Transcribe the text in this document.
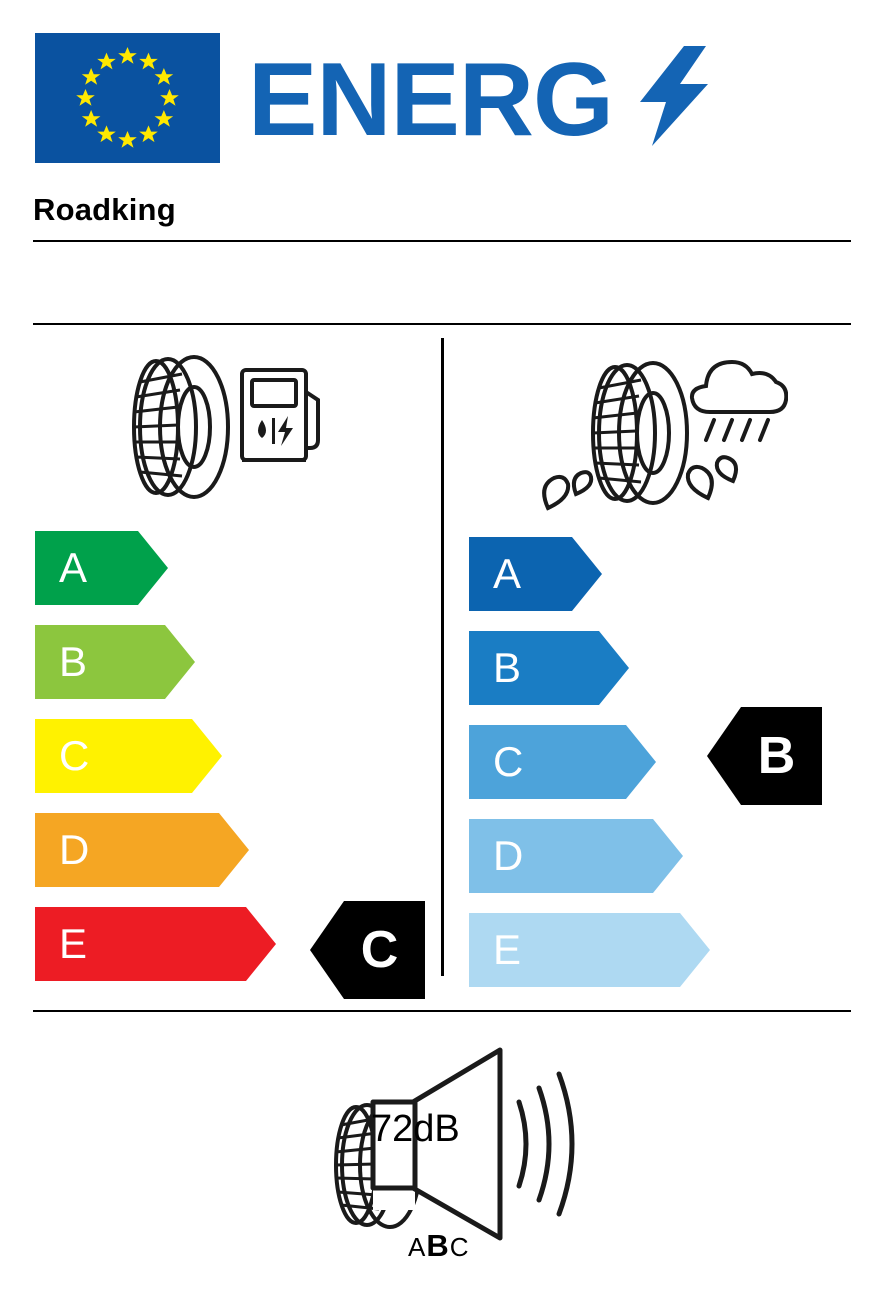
ENERG
Roadking
A
B
C
D
E	C
A
B
C
D
E
B
72dB
ABC
